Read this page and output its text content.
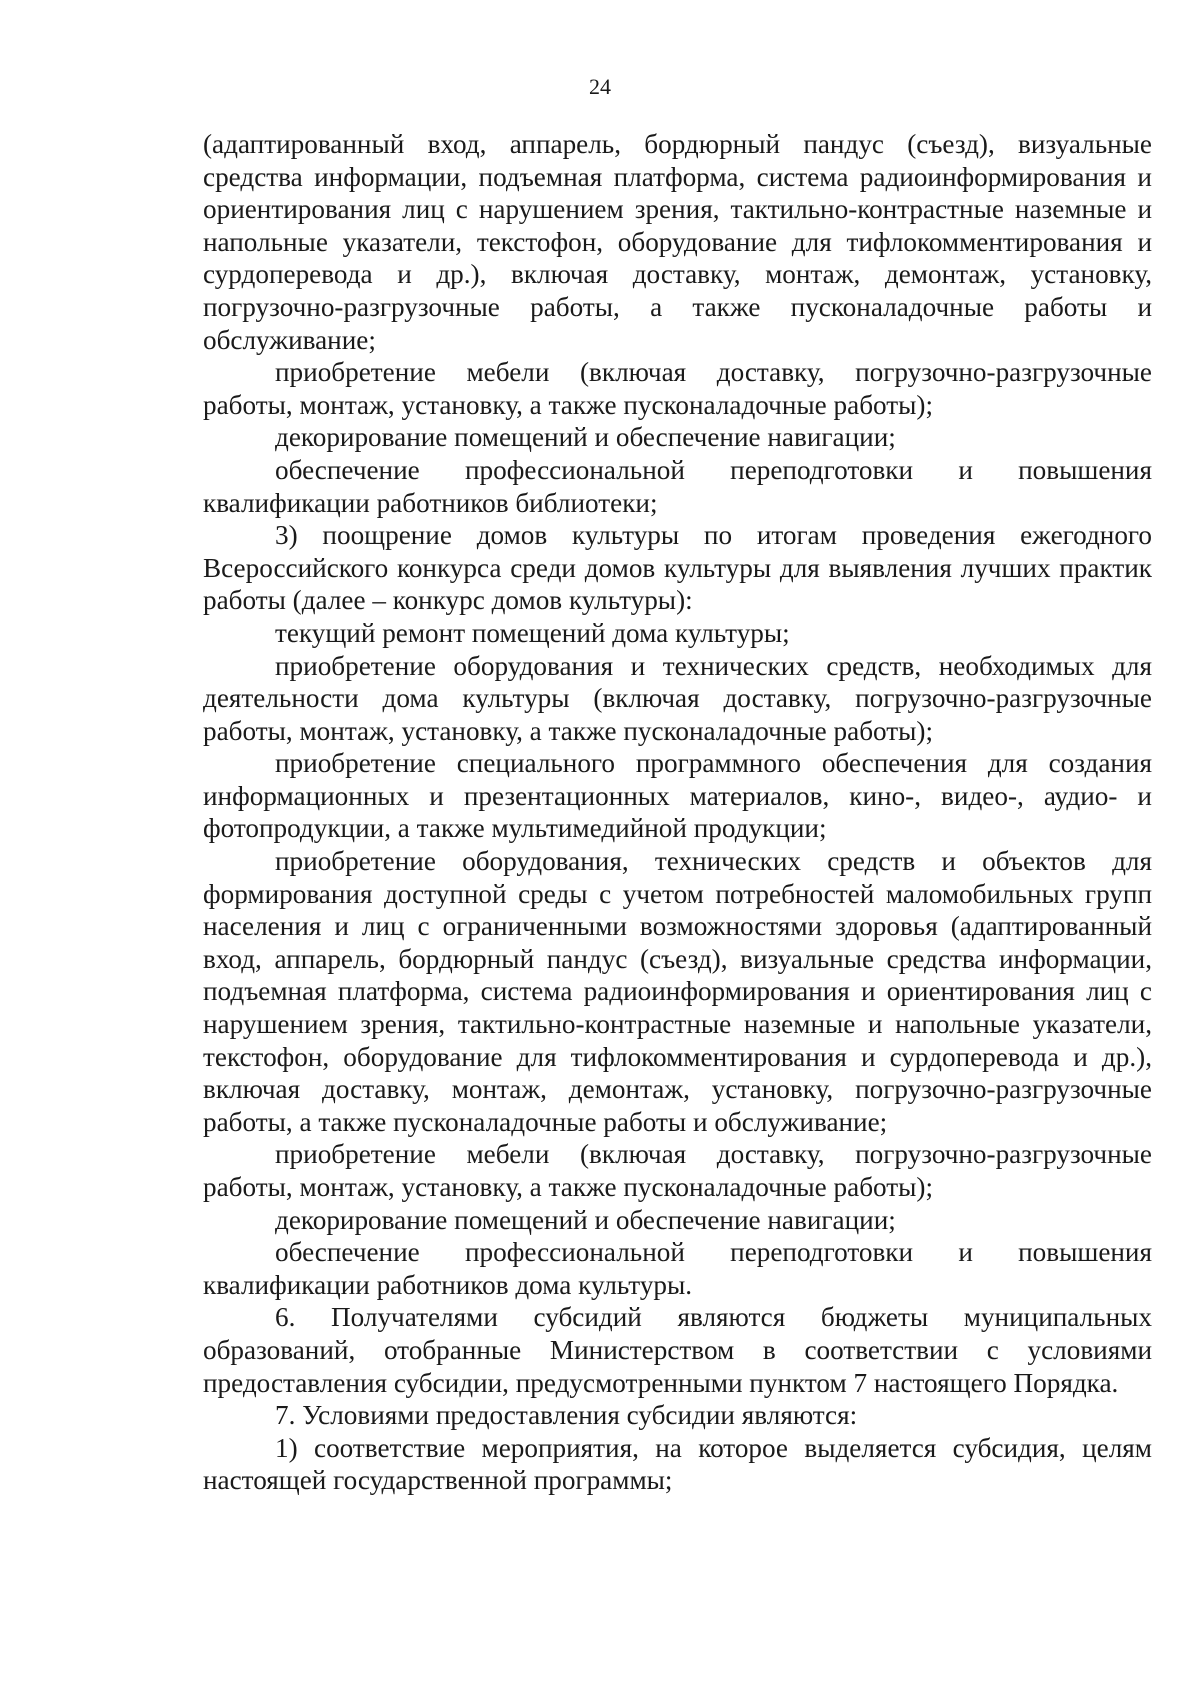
24

(адаптированный вход, аппарель, бордюрный пандус (съезд), визуальные средства информации, подъемная платформа, система радиоинформирования и ориентирования лиц с нарушением зрения, тактильно-контрастные наземные и напольные указатели, текстофон, оборудование для тифлокомментирования и сурдоперевода и др.), включая доставку, монтаж, демонтаж, установку, погрузочно-разгрузочные работы, а также пусконаладочные работы и обслуживание;

приобретение мебели (включая доставку, погрузочно-разгрузочные работы, монтаж, установку, а также пусконаладочные работы);

декорирование помещений и обеспечение навигации;

обеспечение профессиональной переподготовки и повышения квалификации работников библиотеки;

3) поощрение домов культуры по итогам проведения ежегодного Всероссийского конкурса среди домов культуры для выявления лучших практик работы (далее – конкурс домов культуры):

текущий ремонт помещений дома культуры;

приобретение оборудования и технических средств, необходимых для деятельности дома культуры (включая доставку, погрузочно-разгрузочные работы, монтаж, установку, а также пусконаладочные работы);

приобретение специального программного обеспечения для создания информационных и презентационных материалов, кино-, видео-, аудио- и фотопродукции, а также мультимедийной продукции;

приобретение оборудования, технических средств и объектов для формирования доступной среды с учетом потребностей маломобильных групп населения и лиц с ограниченными возможностями здоровья (адаптированный вход, аппарель, бордюрный пандус (съезд), визуальные средства информации, подъемная платформа, система радиоинформирования и ориентирования лиц с нарушением зрения, тактильно-контрастные наземные и напольные указатели, текстофон, оборудование для тифлокомментирования и сурдоперевода и др.), включая доставку, монтаж, демонтаж, установку, погрузочно-разгрузочные работы, а также пусконаладочные работы и обслуживание;

приобретение мебели (включая доставку, погрузочно-разгрузочные работы, монтаж, установку, а также пусконаладочные работы);

декорирование помещений и обеспечение навигации;

обеспечение профессиональной переподготовки и повышения квалификации работников дома культуры.

6. Получателями субсидий являются бюджеты муниципальных образований, отобранные Министерством в соответствии с условиями предоставления субсидии, предусмотренными пунктом 7 настоящего Порядка.

7. Условиями предоставления субсидии являются:

1) соответствие мероприятия, на которое выделяется субсидия, целям настоящей государственной программы;
